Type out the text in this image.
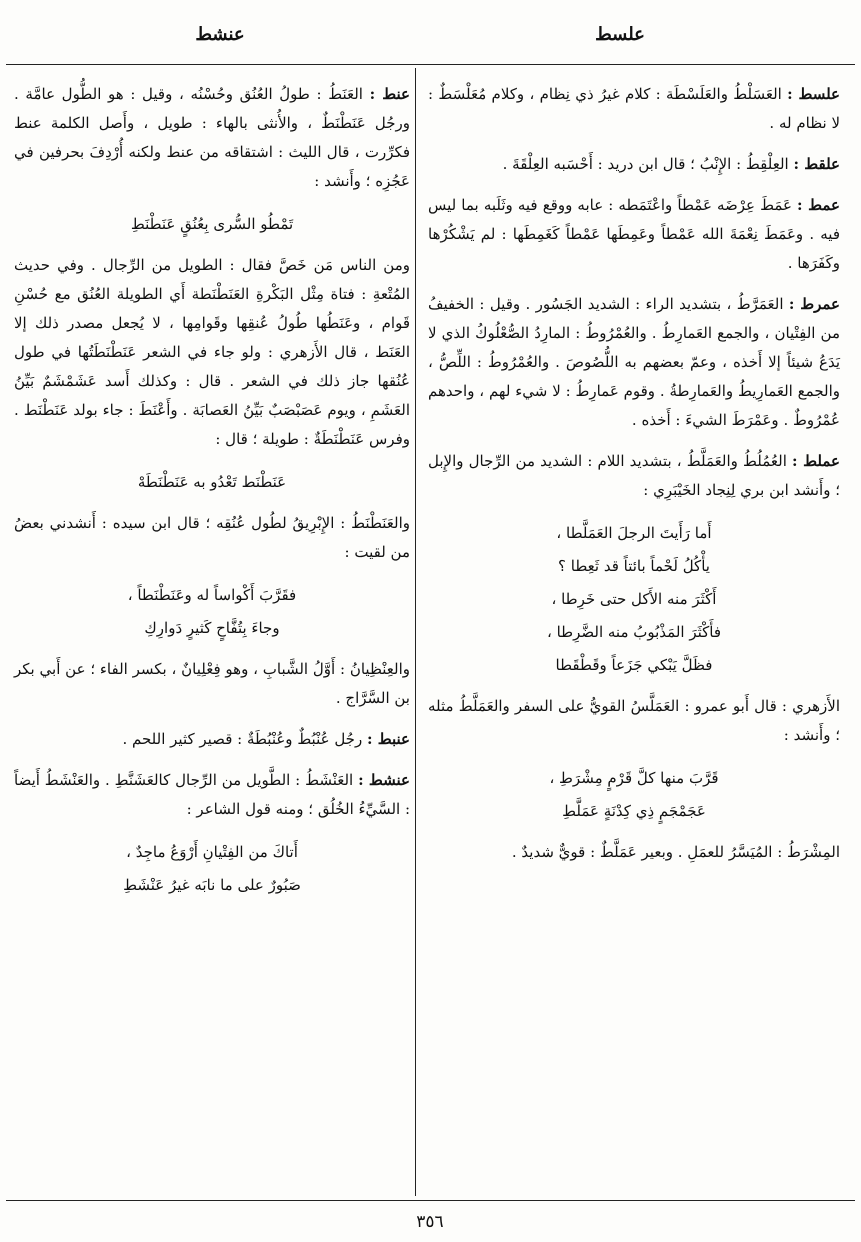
علسط
عنشط
علسط : العَسَلْطُ والعَلَسْطَة : كلام غيرُ ذي نِظام ، وكلام مُعَلْسَطٌ : لا نظام له .
علقط : العِلْقِطُ : الإِنْبُ ؛ قال ابن دريد : أَحْسَبه العِلْقَةَ .
عمط : عَمَطَ عِرْضَه عَمْطاً واعْتَمَطه : عابه ووقع فيه وثَلَبه بما ليس فيه . وعَمَطَ نِعْمَةَ الله عَمْطاً وعَمِطَها عَمْطاً كَغَمِطَها : لم يَشْكُرْها وكَفَرَها .
عمرط : العَمَرَّطُ ، بتشديد الراء : الشديد الجَسُور . وقيل : الخفيفُ من الفِتْيان ، والجمع العَمارِطُ . والعُمْرُوطُ : المارِدُ الصُّعْلُوكُ الذي لا يَدَعُ شيئاً إلا أَخذه ، وعمّ بعضهم به اللُّصُوصَ . والعُمْرُوطُ : اللِّصُّ ، والجمع العَمارِيطُ والعَمارِطةُ . وقوم عَمارِطُ : لا شيء لهم ، واحدهم عُمْرُوطٌ . وعَمْرَطَ الشيءَ : أَخذه .
عملط : العُمُلُطُ والعَمَلَّطُ ، بتشديد اللام : الشديد من الرِّجال والإِبل ؛ وأَنشد ابن بري لِنِجاد الخَيْبَرِي :
أَما رَأَيتَ الرجلَ العَمَلَّطا ،
يأْكُلُ لَحْماً بائتاً قد ثَعِطا ؟
أَكْثَرَ منه الأَكل حتى خَرِطا ،
فأَكْثَرَ المَذْبُوبُ منه الضَّرِطا ،
فظَلَّ يَبْكي جَزَعاً وقَطْقَطا
الأَزهري : قال أَبو عمرو : العَمَلَّسُ القويُّ على السفر والعَمَلَّطُ مثله ؛ وأَنشد :
قَرَّبَ منها كلَّ قَرْمٍ مِشْرَطِ ،
عَجَمْجَمٍ ذِي كِدْنَةٍ عَمَلَّطِ
المِشْرَطُ : المُيَسَّرُ للعمَلِ . وبعير عَمَلَّطٌ : قويٌّ شديدٌ .
عنط : العَنَطُ : طولُ العُنُق وحُسْنُه ، وقيل : هو الطُّول عامَّة . ورجُل عَنَطْنَطٌ ، والأُنثى بالهاء : طويل ، وأَصل الكلمة عنط فكرِّرت ، قال الليث : اشتقاقه من عنط ولكنه أُرْدِفَ بحرفين في عَجُزِه ؛ وأَنشد :
تَمْطُو السُّرى بِعُنُقٍ عَنَطْنَطِ
ومن الناس مَن خَصَّ فقال : الطويل من الرِّجال . وفي حديث المُتْعةِ : فتاة مِثْل البَكْرةِ العَنَطْنَطة أَي الطويلة العُنُق مع حُسْنِ قَوام ، وعَنَطُها طُولُ عُنقِها وقَوامِها ، لا يُجعل مصدر ذلك إلا العَنَط ، قال الأَزهري : ولو جاء في الشعر عَنَطْنَطَتُها في طول عُنُقها جاز ذلك في الشعر . قال : وكذلك أَسد عَشَمْشَمٌ بَيِّنُ العَشَمِ ، ويوم عَصَبْصَبٌ بَيِّنُ العَصابَة . وأَعْنَطَ : جاء بولد عَنَطْنَط . وفرس عَنَطْنَطَةٌ : طويلة ؛ قال :
عَنَطْنَط تَعْدُو به عَنَطْنَطَهْ
والعَنَطْنَطُ : الإِبْرِيقُ لطُول عُنُقِه ؛ قال ابن سيده : أَنشدني بعضُ من لقيت :
فقَرَّبَ أَكْواساً له وعَنَطْنَطاً ،
وجاءَ بِتُفَّاحٍ كَثيرٍ دَوارِكِ
والعِنْظِيانُ : أَوَّلُ الشَّبابِ ، وهو فِعْلِيانٌ ، بكسر الفاء ؛ عن أَبي بكر بن السَّرَّاج .
عنبط : رجُل عُنْبُطٌ وعُنْبُطَةٌ : قصير كثير اللحم .
عنشط : العَنْشَطُ : الطَّويل من الرِّجال كالعَشَنَّطِ . والعَنْشَطُ أَيضاً : السَّيِّءُ الخُلُق ؛ ومنه قول الشاعر :
أَتاكَ من الفِتْيانِ أَرْوَعُ ماجِدٌ ،
صَبُورٌ على ما نابَه غيرُ عَنْشَطِ
٣٥٦
